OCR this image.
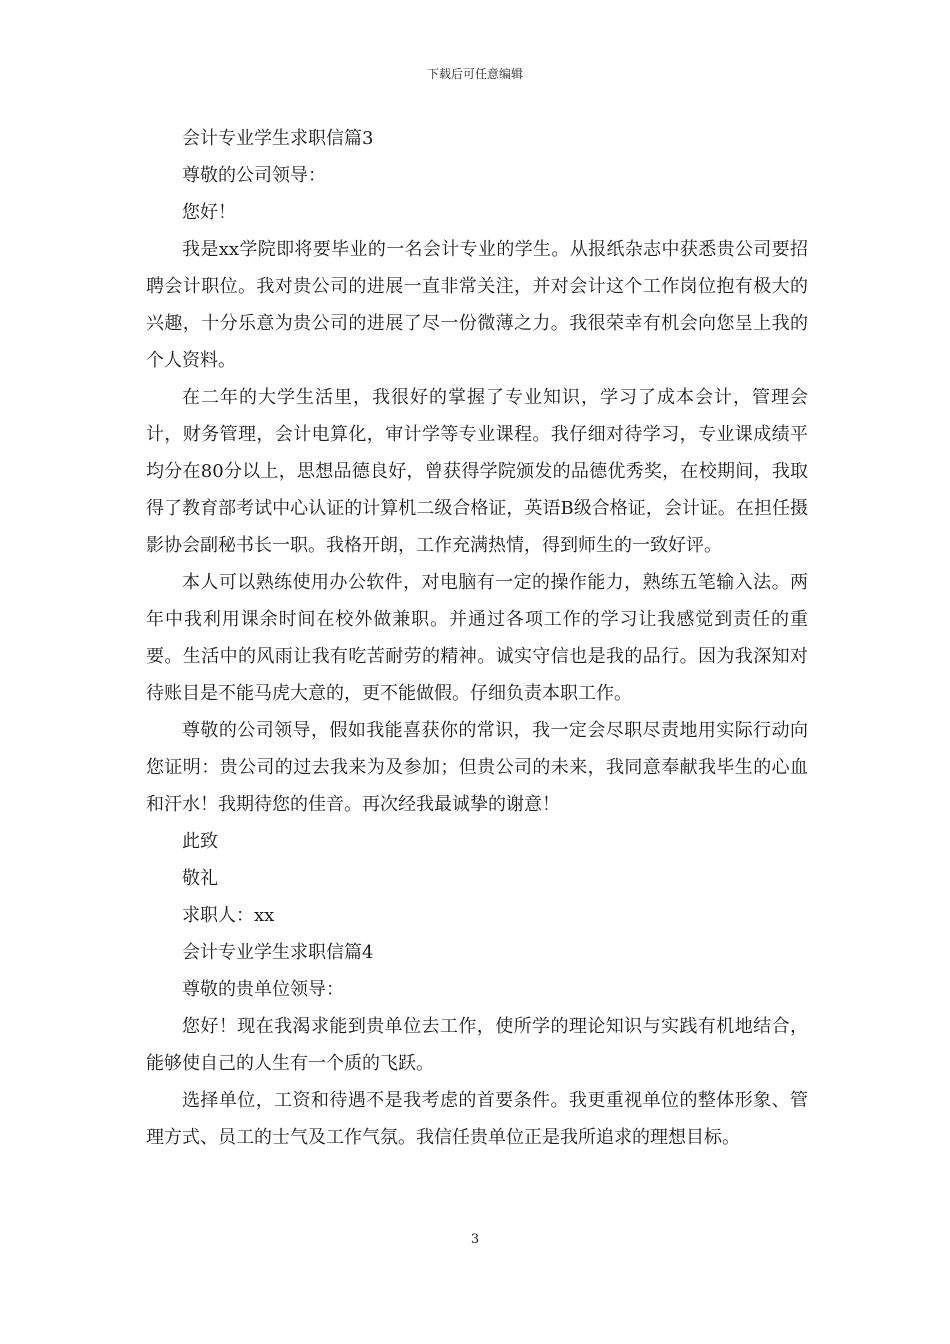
下载后可任意编辑

会计专业学生求职信篇3

尊敬的公司领导：

您好！

我是xx学院即将要毕业的一名会计专业的学生。从报纸杂志中获悉贵公司要招聘会计职位。我对贵公司的进展一直非常关注，并对会计这个工作岗位抱有极大的兴趣，十分乐意为贵公司的进展了尽一份微薄之力。我很荣幸有机会向您呈上我的个人资料。

在二年的大学生活里，我很好的掌握了专业知识，学习了成本会计，管理会计，财务管理，会计电算化，审计学等专业课程。我仔细对待学习，专业课成绩平均分在80分以上，思想品德良好，曾获得学院颁发的品德优秀奖，在校期间，我取得了教育部考试中心认证的计算机二级合格证，英语B级合格证，会计证。在担任摄影协会副秘书长一职。我格开朗，工作充满热情，得到师生的一致好评。

本人可以熟练使用办公软件，对电脑有一定的操作能力，熟练五笔输入法。两年中我利用课余时间在校外做兼职。并通过各项工作的学习让我感觉到责任的重要。生活中的风雨让我有吃苦耐劳的精神。诚实守信也是我的品行。因为我深知对待账目是不能马虎大意的，更不能做假。仔细负责本职工作。

尊敬的公司领导，假如我能喜获你的常识，我一定会尽职尽责地用实际行动向您证明：贵公司的过去我来为及参加；但贵公司的未来，我同意奉献我毕生的心血和汗水！我期待您的佳音。再次经我最诚挚的谢意！

此致

敬礼

求职人：xx

会计专业学生求职信篇4

尊敬的贵单位领导：

您好！现在我渴求能到贵单位去工作，使所学的理论知识与实践有机地结合，能够使自己的人生有一个质的飞跃。

选择单位，工资和待遇不是我考虑的首要条件。我更重视单位的整体形象、管理方式、员工的士气及工作气氛。我信任贵单位正是我所追求的理想目标。

3
